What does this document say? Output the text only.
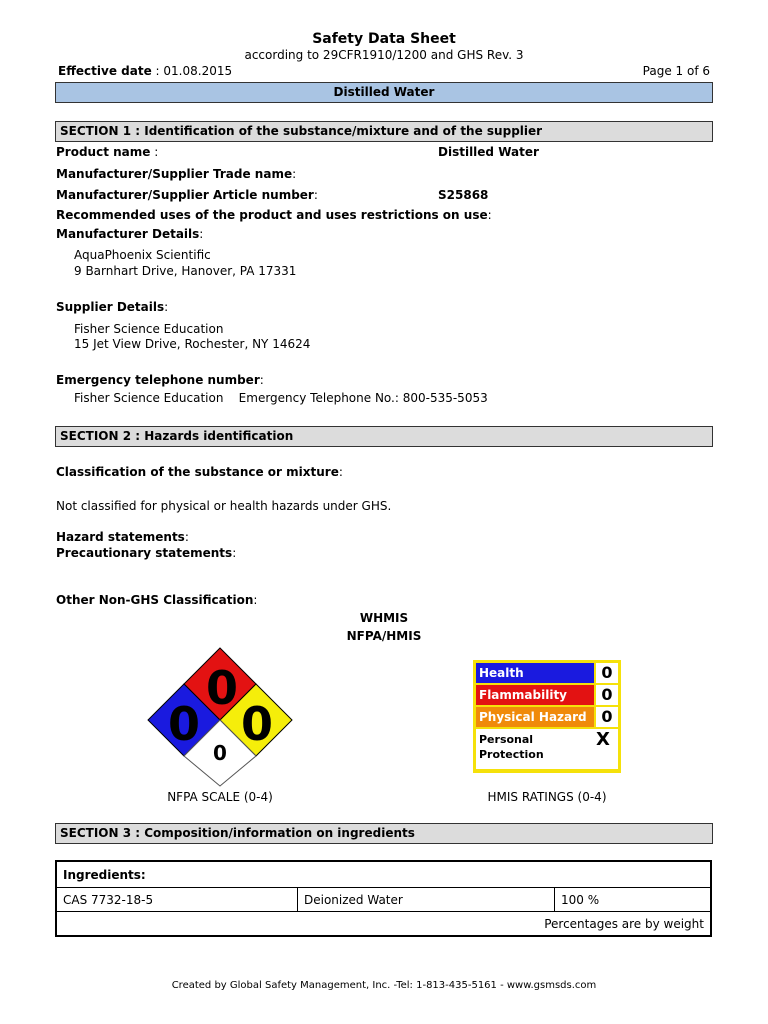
Safety Data Sheet
according to 29CFR1910/1200 and GHS Rev. 3
Effective date : 01.08.2015	Page 1 of 6
Distilled Water
SECTION 1 : Identification of the substance/mixture and of the supplier
Product name :	Distilled Water
Manufacturer/Supplier Trade name:
Manufacturer/Supplier Article number:	S25868
Recommended uses of the product and uses restrictions on use:
Manufacturer Details:
AquaPhoenix Scientific
9 Barnhart Drive, Hanover, PA 17331
Supplier Details:
Fisher Science Education
15 Jet View Drive, Rochester, NY 14624
Emergency telephone number:
Fisher Science Education    Emergency Telephone No.: 800-535-5053
SECTION 2 : Hazards identification
Classification of the substance or mixture:
Not classified for physical or health hazards under GHS.
Hazard statements:
Precautionary statements:
Other Non-GHS Classification:
WHMIS
NFPA/HMIS
0
0 0
0
NFPA SCALE (0-4)
Health	0
Flammability	0
Physical Hazard 0
Personal
Protection
X
HMIS RATINGS (0-4)
SECTION 3 : Composition/information on ingredients
Ingredients:
CAS 7732-18-5	Deionized Water	100 %
Percentages are by weight
Created by Global Safety Management, Inc. -Tel: 1-813-435-5161 - www.gsmsds.com
